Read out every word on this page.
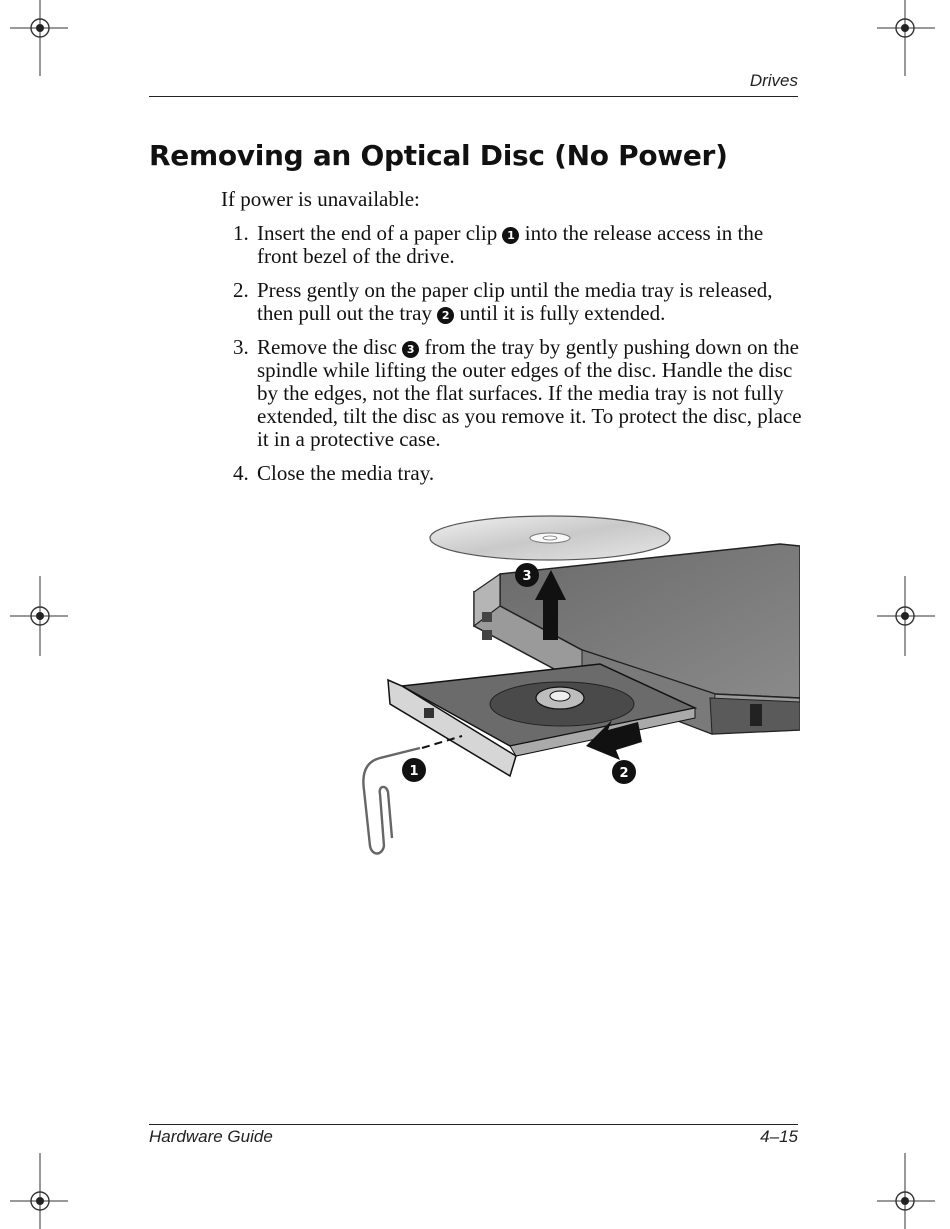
Drives
Removing an Optical Disc (No Power)

If power is unavailable:

1. Insert the end of a paper clip 1 into the release access in the front bezel of the drive.
2. Press gently on the paper clip until the media tray is released, then pull out the tray 2 until it is fully extended.
3. Remove the disc 3 from the tray by gently pushing down on the spindle while lifting the outer edges of the disc. Handle the disc by the edges, not the flat surfaces. If the media tray is not fully extended, tilt the disc as you remove it. To protect the disc, place it in a protective case.
4. Close the media tray.
1	2
3
Hardware Guide	4–15
